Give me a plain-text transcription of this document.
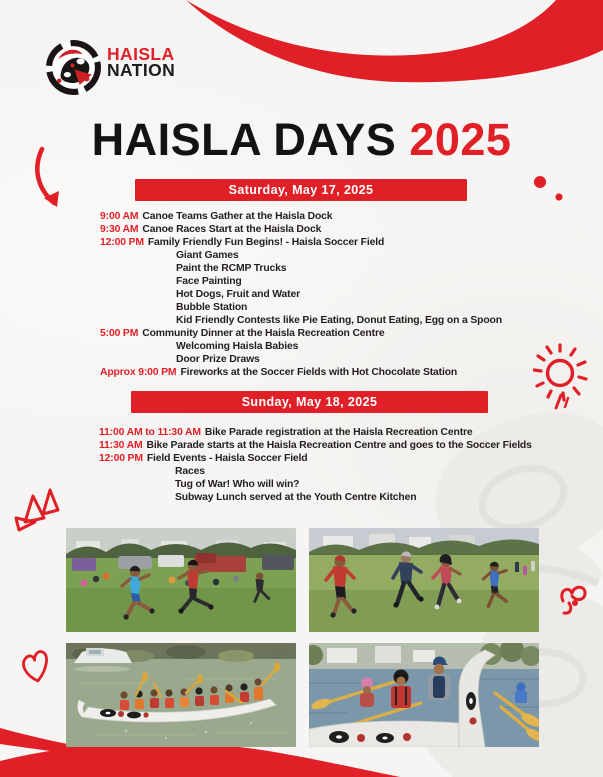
HAISLA
NATION
HAISLA DAYS 2025
Saturday, May 17, 2025
9:00 AM Canoe Teams Gather at the Haisla Dock
9:30 AM Canoe Races Start at the Haisla Dock
12:00 PM Family Friendly Fun Begins! - Haisla Soccer Field
Giant Games
Paint the RCMP Trucks
Face Painting
Hot Dogs, Fruit and Water
Bubble Station
Kid Friendly Contests like Pie Eating, Donut Eating, Egg on a Spoon
5:00 PM Community Dinner at the Haisla Recreation Centre
Welcoming Haisla Babies
Door Prize Draws
Approx 9:00 PM Fireworks at the Soccer Fields with Hot Chocolate Station
Sunday, May 18, 2025
11:00 AM to 11:30 AM Bike Parade registration at the Haisla Recreation Centre
11:30 AM Bike Parade starts at the Haisla Recreation Centre and goes to the Soccer Fields
12:00 PM Field Events - Haisla Soccer Field
Races
Tug of War! Who will win?
Subway Lunch served at the Youth Centre Kitchen
